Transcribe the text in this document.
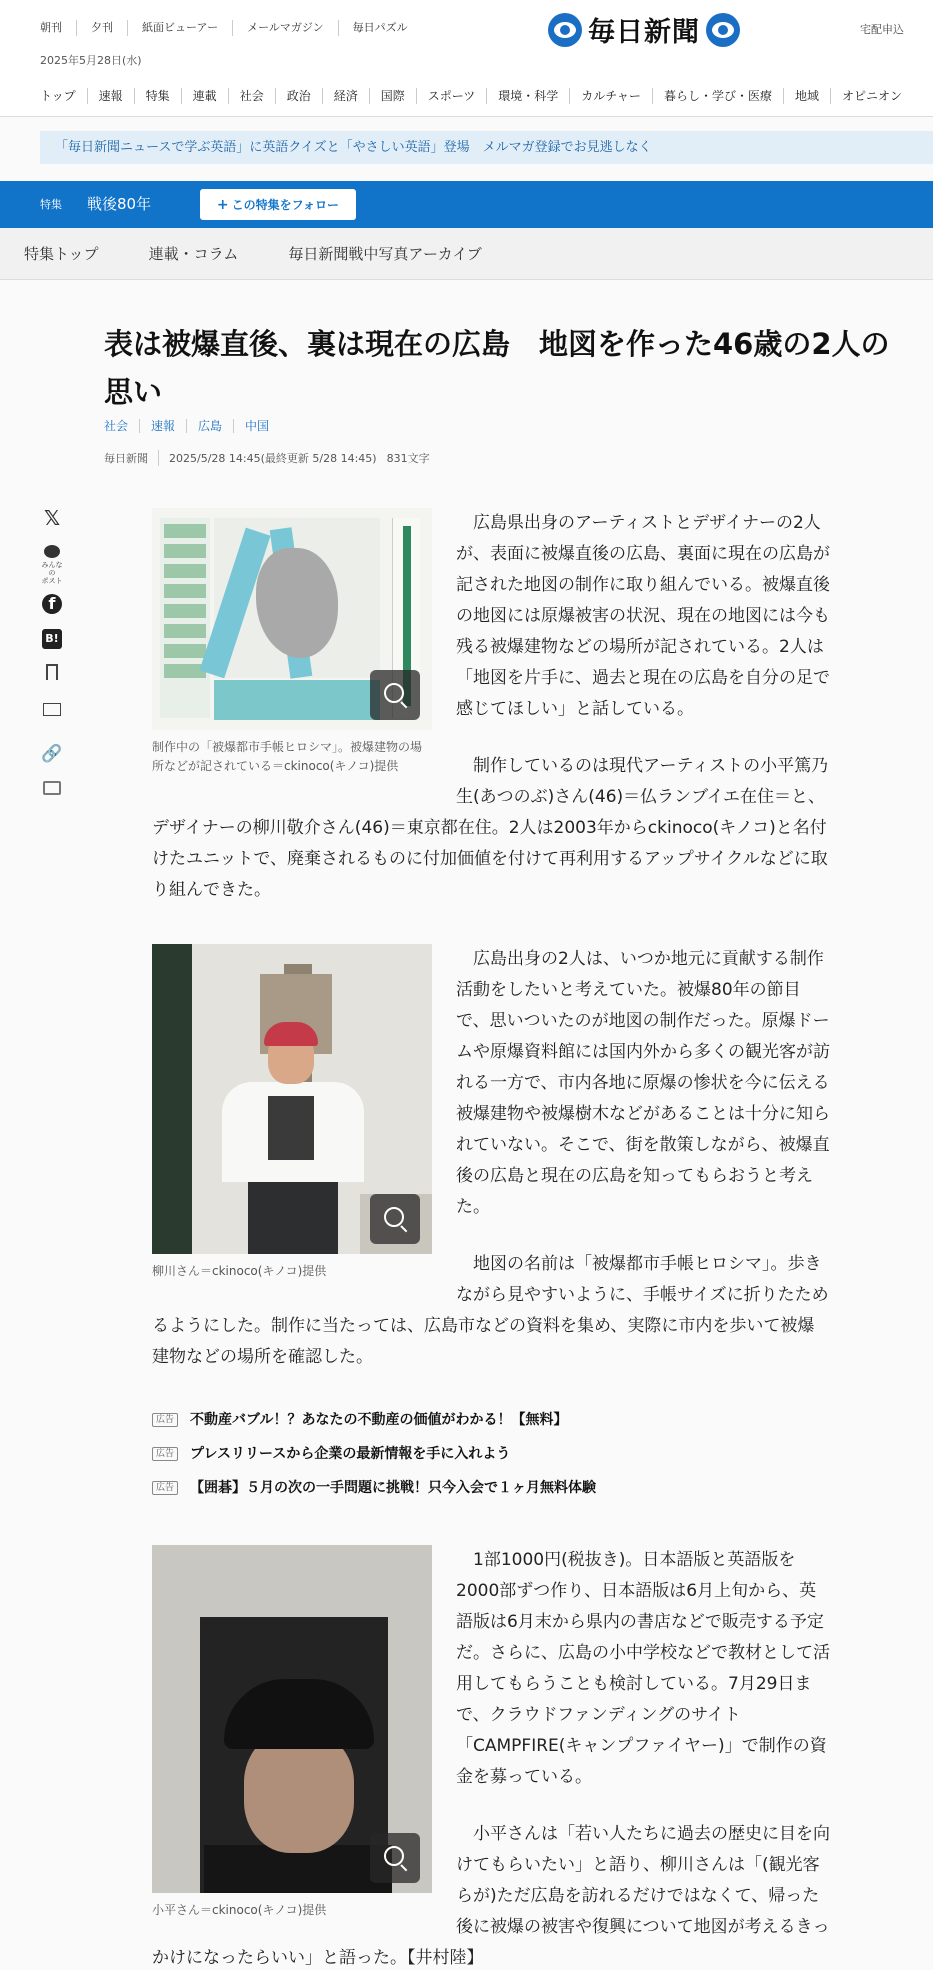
朝刊	夕刊	紙面ビューアー	メールマガジン	毎日パズル
2025年5月28日(水)
毎日新聞	宅配申込
トップ	速報	特集	連載	社会	政治	経済	国際	スポーツ	環境・科学	カルチャー	暮らし・学び・医療	地域	オピニオン
「毎日新聞ニュースで学ぶ英語」に英語クイズと「やさしい英語」登場　メルマガ登録でお見逃しなく
特集 戦後80年	+ この特集をフォロー
特集トップ	連載・コラム	毎日新聞戦中写真アーカイブ
表は被爆直後、裏は現在の広島　地図を作った46歳の2人の思い
社会	速報	広島	中国
毎日新聞	2025/5/28 14:45(最終更新 5/28 14:45) 831文字
𝕏
みんなの
ポスト
f
B!
🔗	制作中の「被爆都市手帳ヒロシマ」。被爆建物の場所などが記されている＝ckinoco(キノコ)提供

広島県出身のアーティストとデザイナーの2人が、表面に被爆直後の広島、裏面に現在の広島が記された地図の制作に取り組んでいる。被爆直後の地図には原爆被害の状況、現在の地図には今も残る被爆建物などの場所が記されている。2人は「地図を片手に、過去と現在の広島を自分の足で感じてほしい」と話している。

制作しているのは現代アーティストの小平篤乃生(あつのぶ)さん(46)＝仏ランブイエ在住＝と、デザイナーの柳川敬介さん(46)＝東京都在住。2人は2003年からckinoco(キノコ)と名付けたユニットで、廃棄されるものに付加価値を付けて再利用するアップサイクルなどに取り組んできた。

柳川さん＝ckinoco(キノコ)提供

広島出身の2人は、いつか地元に貢献する制作活動をしたいと考えていた。被爆80年の節目で、思いついたのが地図の制作だった。原爆ドームや原爆資料館には国内外から多くの観光客が訪れる一方で、市内各地に原爆の惨状を今に伝える被爆建物や被爆樹木などがあることは十分に知られていない。そこで、街を散策しながら、被爆直後の広島と現在の広島を知ってもらおうと考えた。

地図の名前は「被爆都市手帳ヒロシマ」。歩きながら見やすいように、手帳サイズに折りたためるようにした。制作に当たっては、広島市などの資料を集め、実際に市内を歩いて被爆建物などの場所を確認した。

広告 不動産バブル！？あなたの不動産の価値がわかる！【無料】
広告 プレスリリースから企業の最新情報を手に入れよう
広告 【囲碁】５月の次の一手問題に挑戦！只今入会で１ヶ月無料体験
小平さん＝ckinoco(キノコ)提供

1部1000円(税抜き)。日本語版と英語版を2000部ずつ作り、日本語版は6月上旬から、英語版は6月末から県内の書店などで販売する予定だ。さらに、広島の小中学校などで教材として活用してもらうことも検討している。7月29日まで、クラウドファンディングのサイト「CAMPFIRE(キャンプファイヤー)」で制作の資金を募っている。

小平さんは「若い人たちに過去の歴史に目を向けてもらいたい」と語り、柳川さんは「(観光客らが)ただ広島を訪れるだけではなくて、帰った後に被爆の被害や復興について地図が考えるきっかけになったらいい」と語った。【井村陸】
